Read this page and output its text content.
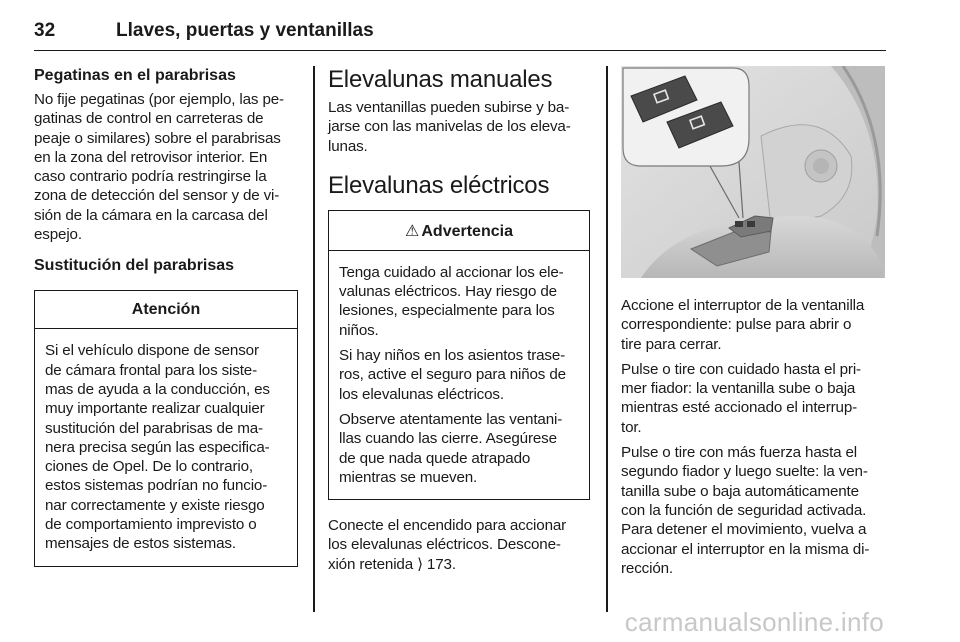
32	Llaves, puertas y ventanillas
Pegatinas en el parabrisas
No fije pegatinas (por ejemplo, las pe-
gatinas de control en carreteras de
peaje o similares) sobre el parabrisas
en la zona del retrovisor interior. En
caso contrario podría restringirse la
zona de detección del sensor y de vi-
sión de la cámara en la carcasa del
espejo.
Sustitución del parabrisas
Atención
Si el vehículo dispone de sensor
de cámara frontal para los siste-
mas de ayuda a la conducción, es
muy importante realizar cualquier
sustitución del parabrisas de ma-
nera precisa según las especifica-
ciones de Opel. De lo contrario,
estos sistemas podrían no funcio-
nar correctamente y existe riesgo
de comportamiento imprevisto o
mensajes de estos sistemas.
Elevalunas manuales
Las ventanillas pueden subirse y ba-
jarse con las manivelas de los eleva-
lunas.
Elevalunas eléctricos
⚠ Advertencia
Tenga cuidado al accionar los ele-
valunas eléctricos. Hay riesgo de
lesiones, especialmente para los
niños.
Si hay niños en los asientos trase-
ros, active el seguro para niños de
los elevalunas eléctricos.
Observe atentamente las ventani-
llas cuando las cierre. Asegúrese
de que nada quede atrapado
mientras se mueven.
Conecte el encendido para accionar
los elevalunas eléctricos. Descone-
xión retenida ⟩ 173.
Accione el interruptor de la ventanilla
correspondiente: pulse para abrir o
tire para cerrar.
Pulse o tire con cuidado hasta el pri-
mer fiador: la ventanilla sube o baja
mientras esté accionado el interrup-
tor.
Pulse o tire con más fuerza hasta el
segundo fiador y luego suelte: la ven-
tanilla sube o baja automáticamente
con la función de seguridad activada.
Para detener el movimiento, vuelva a
accionar el interruptor en la misma di-
rección.
carmanualsonline.info
